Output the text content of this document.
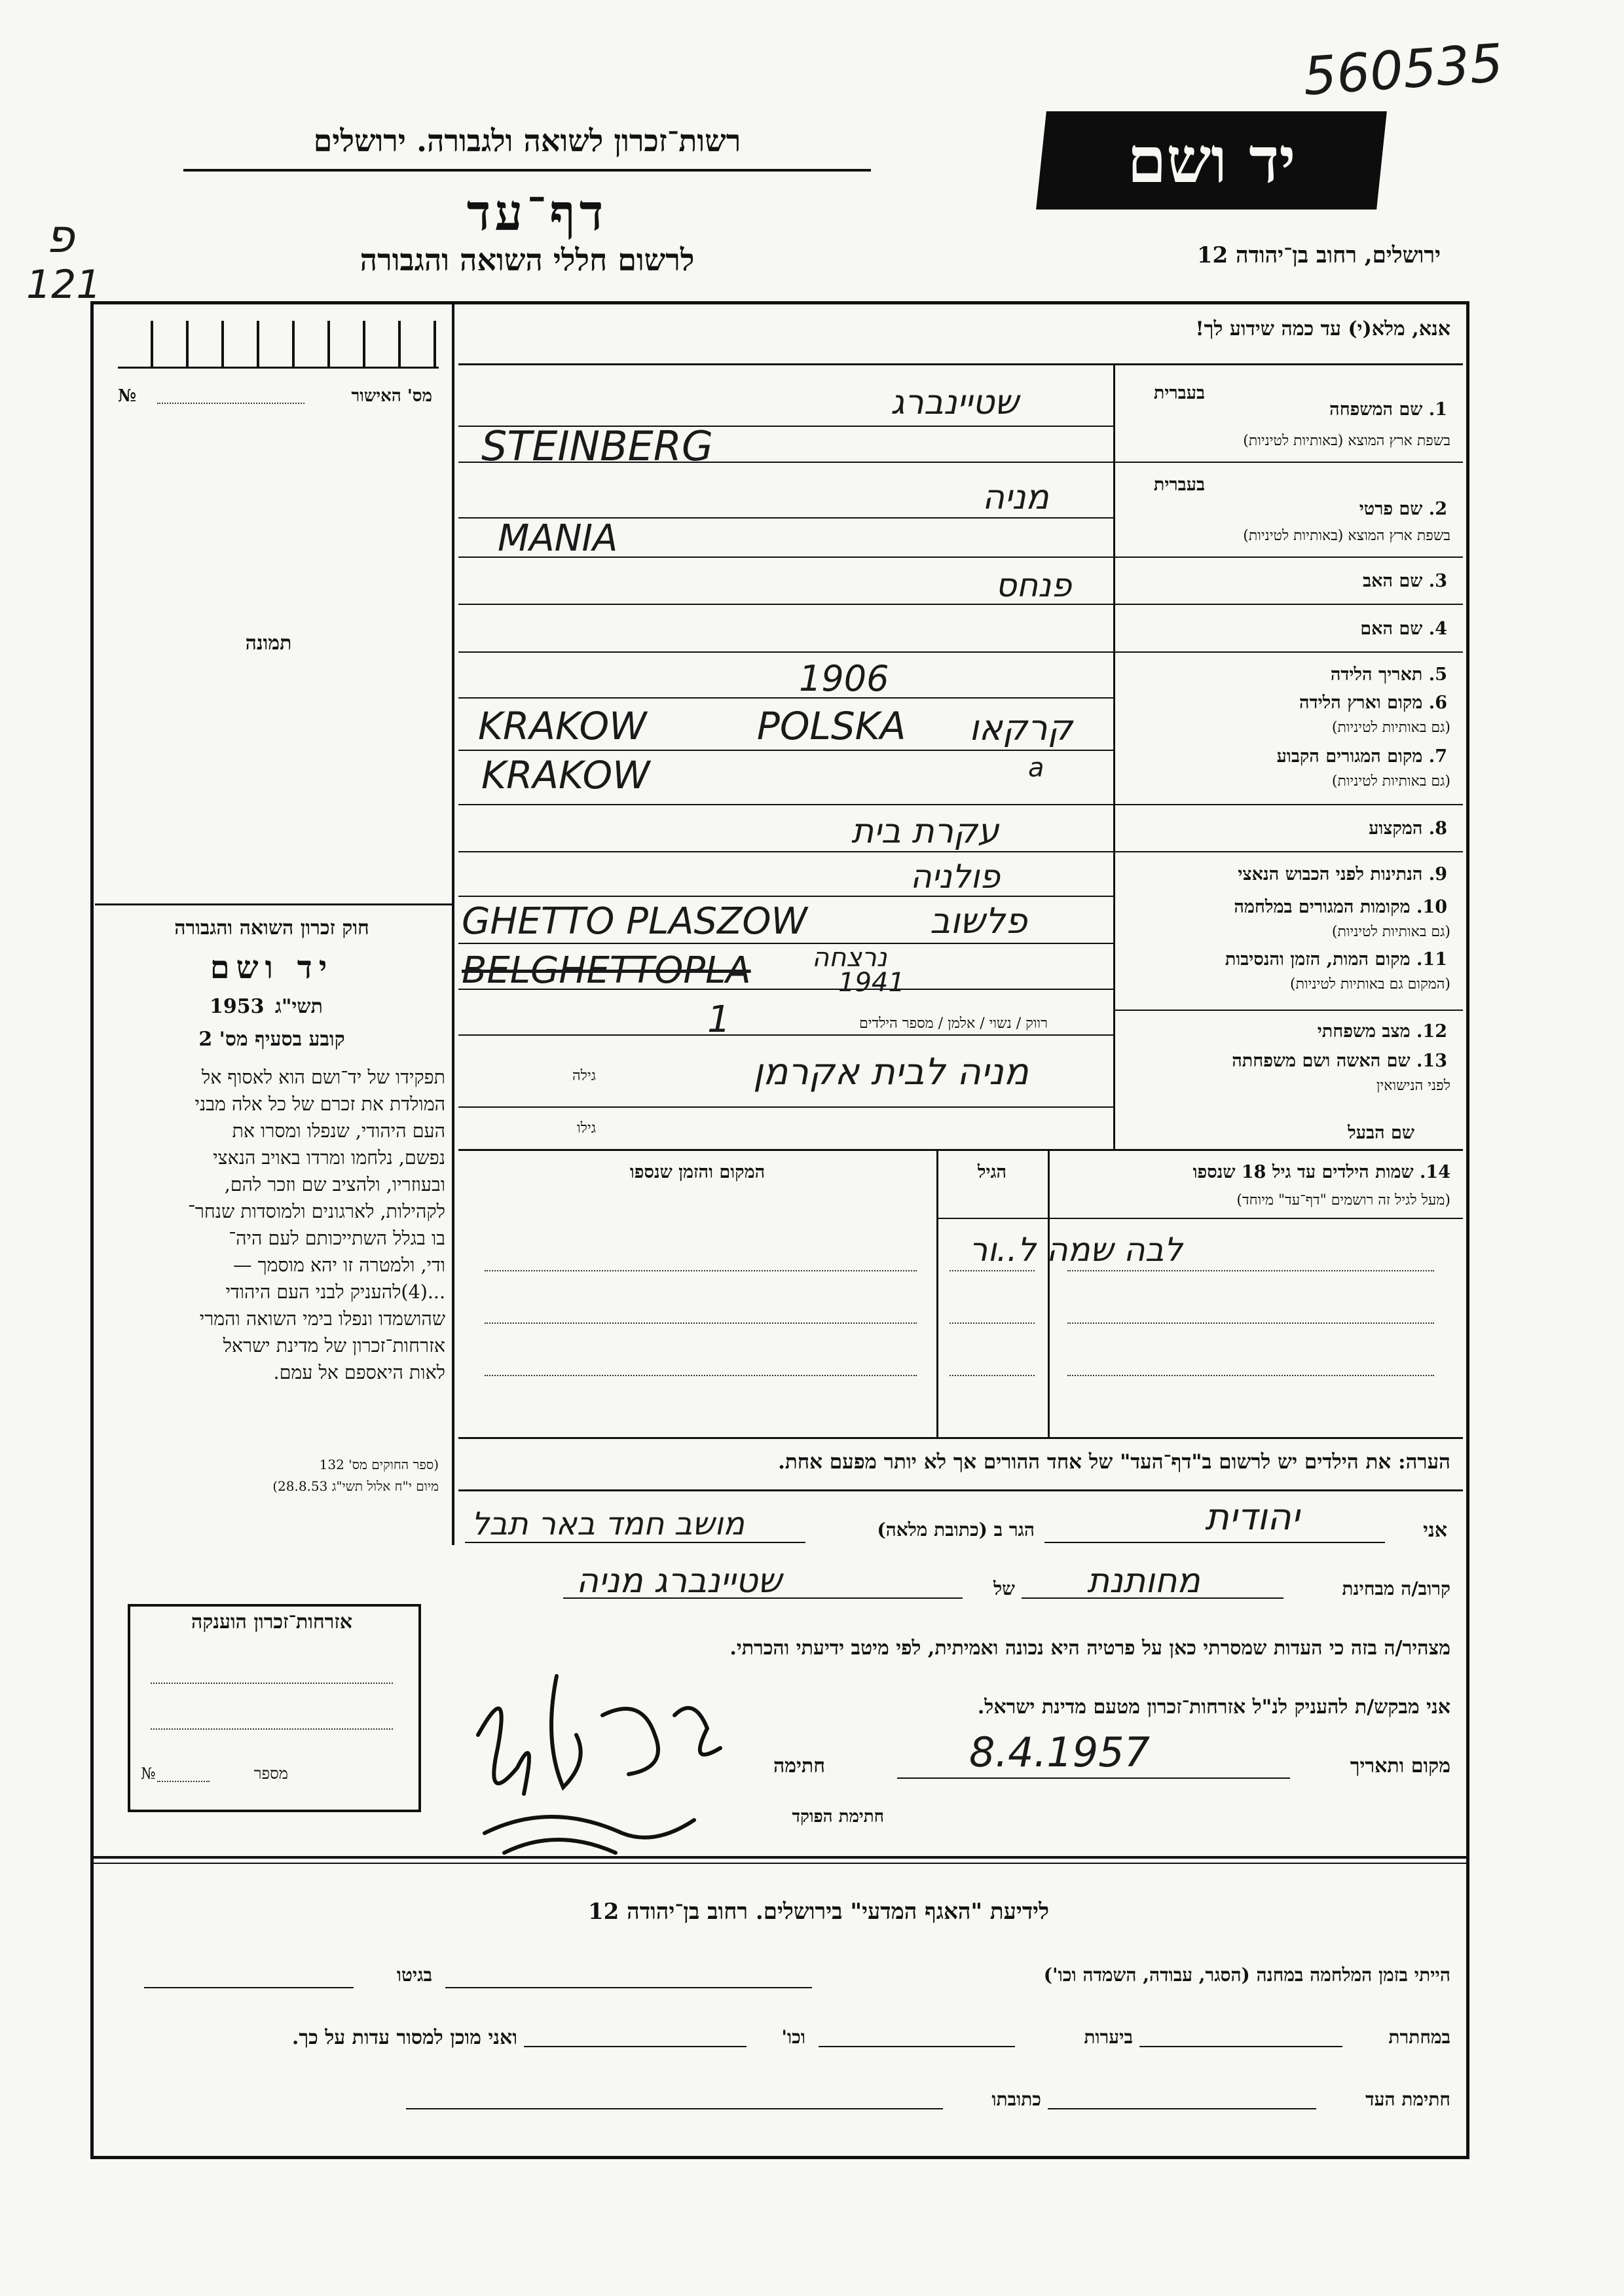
560535
פ
121
רשות־זכרון לשואה ולגבורה. ירושלים
דף־עד
לרשום חללי השואה והגבורה
יד ושם
ירושלים, רחוב בן־יהודה 12
מס' האישור
№
תמונה
חוק זכרון השואה והגבורה
יד ושם
תשי"ג
1953
קובע בסעיף מס' 2
תפקידו של יד־ושם הוא לאסוף אל
המולדת את זכרם של כל אלה מבני
העם היהודי, שנפלו ומסרו את
נפשם, נלחמו ומרדו באויב הנאצי
ובעוזריו, ולהציב שם וזכר להם,
לקהילות, לארגונים ולמוסדות שנחר־
בו בגלל השתייכותם לעם היה־
ודי, ולמטרה זו יהא מוסמך —
...(4)להעניק לבני העם היהודי
שהושמדו ונפלו בימי השואה והמרי
אזרחות־זכרון של מדינת ישראל
לאות היאספם אל עמם.
(ספר החוקים מס' 132
מיום י"ח אלול תשי"ג 28.8.53)
אזרחות־זכרון הוענקה
מספר
№
אנא, מלא(י) עד כמה שידוע לך!
בעברית
בעברית
1. שם המשפחה
בשפת ארץ המוצא (באותיות לטיניות)
2. שם פרטי
בשפת ארץ המוצא (באותיות לטיניות)
3. שם האב
4. שם האם
5. תאריך הלידה
6. מקום וארץ הלידה
(גם באותיות לטיניות)
7. מקום המגורים הקבוע
(גם באותיות לטיניות)
8. המקצוע
9. הנתינות לפני הכבוש הנאצי
10. מקומות המגורים במלחמה
(גם באותיות לטיניות)
11. מקום המות, הזמן והנסיבות
(המקום גם באותיות לטיניות)
12. מצב משפחתי
13. שם האשה ושם משפחתה
לפני הנישואין
שם הבעל
רווק / נשוי / אלמן / מספר הילדים
גילה
גילו
שטיינברג
STEINBERG
מניה
MANIA
פנחס
1906
קרקאו
KRAKOW POLSKA
KRAKOW	a
עקרת בית
פולניה
פלשוב
GHETTO PLASZOW
BELGHETTOPLA נרצחה
1941
1
מניה לבית אקרמן
14. שמות הילדים עד גיל 18 שנספו
(מעל לגיל זה רושמים "דף־עד" מיוחד)
הגיל
המקום והזמן שנספו
לבה שמה ל..ור
הערה: את הילדים יש לרשום ב"דף־העד" של אחד ההורים אך לא יותר מפעם אחת.
אני
הגר ב (כתובת מלאה)	יהודית
מושב חמד באר תבל
קרוב/ה מבחינת
של מחותנת
שטיינברג מניה
מצהיר/ה בזה כי העדות שמסרתי כאן על פרטיה היא נכונה ואמיתית, לפי מיטב ידיעתי והכרתי.
אני מבקש/ת להעניק לנ"ל אזרחות־זכרון מטעם מדינת ישראל.
מקום ותאריך
8.4.1957
חתימה
חתימת הפוקד
לידיעת "האגף המדעי" בירושלים. רחוב בן־יהודה 12
הייתי בזמן המלחמה במחנה (הסגר, עבודה, השמדה וכו')
בגיטו
במחתרת
ביערות
וכו'
ואני מוכן למסור עדות על כך.
חתימת העד
כתובתו
